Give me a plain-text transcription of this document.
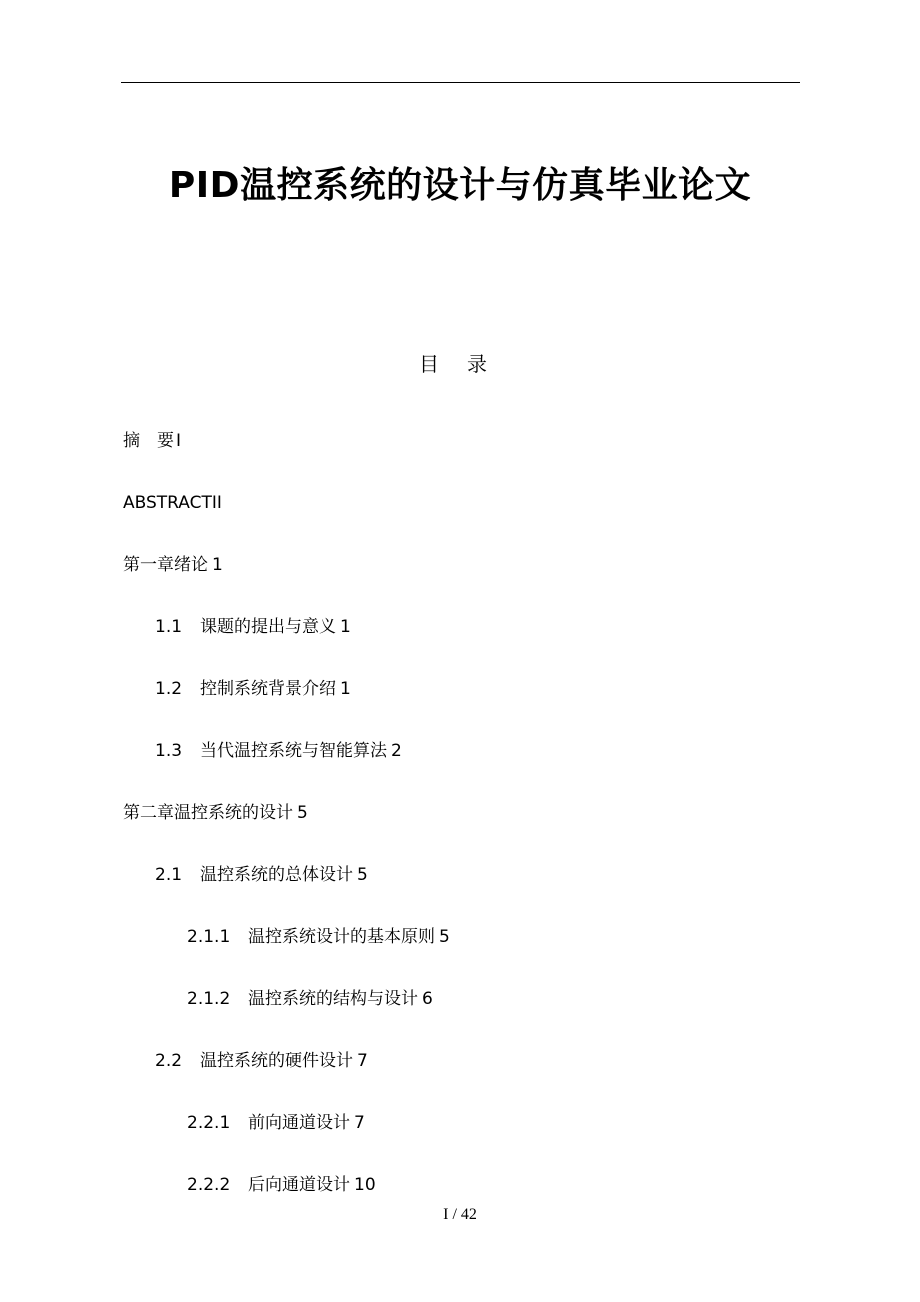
PID温控系统的设计与仿真毕业论文
目录
摘　要 I
ABSTRACTII
第一章绪论 1
1.1 课题的提出与意义 1
1.2 控制系统背景介绍 1
1.3 当代温控系统与智能算法 2
第二章温控系统的设计 5
2.1 温控系统的总体设计 5
2.1.1 温控系统设计的基本原则 5
2.1.2 温控系统的结构与设计 6
2.2 温控系统的硬件设计 7
2.2.1 前向通道设计 7
2.2.2 后向通道设计 10
I / 42
